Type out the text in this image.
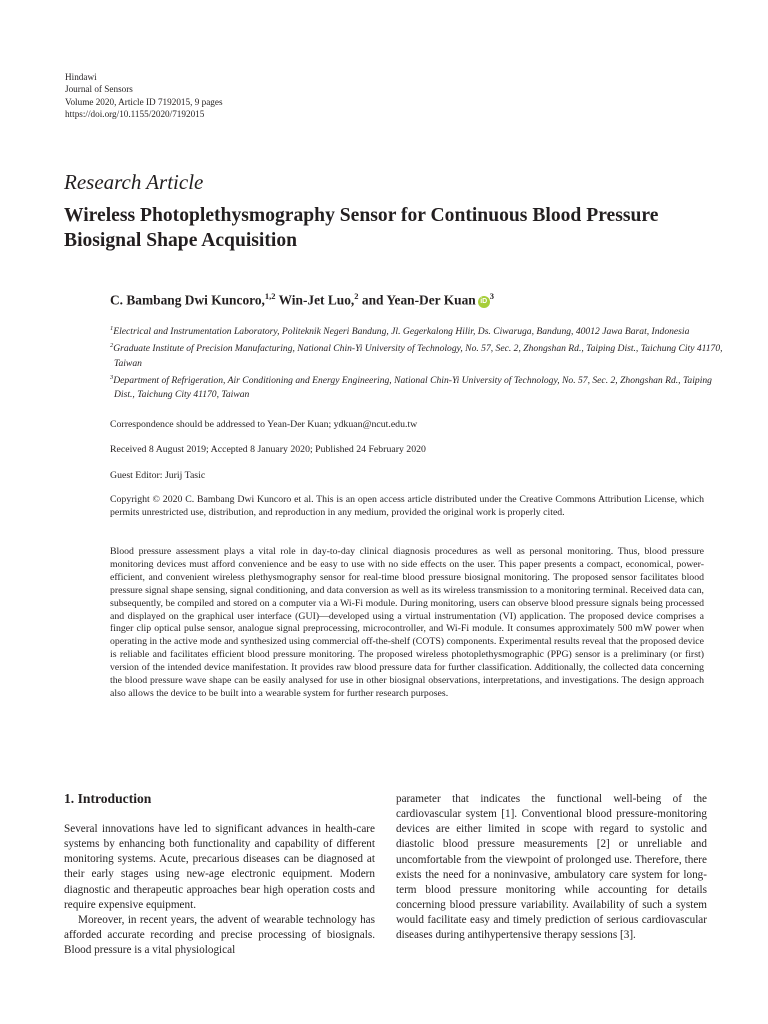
Hindawi
Journal of Sensors
Volume 2020, Article ID 7192015, 9 pages
https://doi.org/10.1155/2020/7192015
Research Article
Wireless Photoplethysmography Sensor for Continuous Blood Pressure Biosignal Shape Acquisition
C. Bambang Dwi Kuncoro,$^{1,2}$ Win-Jet Luo,$^2$ and Yean-Der Kuan $iD^3$
$^1$Electrical and Instrumentation Laboratory, Politeknik Negeri Bandung, Jl. Gegerkalong Hilir, Ds. Ciwaruga, Bandung, 40012 Jawa Barat, Indonesia
$^2$Graduate Institute of Precision Manufacturing, National Chin-Yi University of Technology, No. 57, Sec. 2, Zhongshan Rd., Taiping Dist., Taichung City 41170, Taiwan
$^3$Department of Refrigeration, Air Conditioning and Energy Engineering, National Chin-Yi University of Technology, No. 57, Sec. 2, Zhongshan Rd., Taiping Dist., Taichung City 41170, Taiwan
Correspondence should be addressed to Yean-Der Kuan; ydkuan@ncut.edu.tw
Received 8 August 2019; Accepted 8 January 2020; Published 24 February 2020
Guest Editor: Jurij Tasic
Copyright © 2020 C. Bambang Dwi Kuncoro et al. This is an open access article distributed under the Creative Commons Attribution License, which permits unrestricted use, distribution, and reproduction in any medium, provided the original work is properly cited.
Blood pressure assessment plays a vital role in day-to-day clinical diagnosis procedures as well as personal monitoring. Thus, blood pressure monitoring devices must afford convenience and be easy to use with no side effects on the user. This paper presents a compact, economical, power-efficient, and convenient wireless plethysmography sensor for real-time blood pressure biosignal monitoring. The proposed sensor facilitates blood pressure signal shape sensing, signal conditioning, and data conversion as well as its wireless transmission to a monitoring terminal. Received data can, subsequently, be compiled and stored on a computer via a Wi-Fi module. During monitoring, users can observe blood pressure signals being processed and displayed on the graphical user interface (GUI)—developed using a virtual instrumentation (VI) application. The proposed device comprises a finger clip optical pulse sensor, analogue signal preprocessing, microcontroller, and Wi-Fi module. It consumes approximately 500 mW power when operating in the active mode and synthesized using commercial off-the-shelf (COTS) components. Experimental results reveal that the proposed device is reliable and facilitates efficient blood pressure monitoring. The proposed wireless photoplethysmographic (PPG) sensor is a preliminary (or first) version of the intended device manifestation. It provides raw blood pressure data for further classification. Additionally, the collected data concerning the blood pressure wave shape can be easily analysed for use in other biosignal observations, interpretations, and investigations. The design approach also allows the device to be built into a wearable system for further research purposes.
1. Introduction

Several innovations have led to significant advances in health-care systems by enhancing both functionality and capability of different monitoring systems. Acute, precarious diseases can be diagnosed at their early stages using new-age electronic equipment. Modern diagnostic and therapeutic approaches bear high operation costs and require expensive equipment.

Moreover, in recent years, the advent of wearable technology has afforded accurate recording and precise processing of biosignals. Blood pressure is a vital physiological

parameter that indicates the functional well-being of the cardiovascular system [1]. Conventional blood pressure-monitoring devices are either limited in scope with regard to systolic and diastolic blood pressure measurements [2] or unreliable and uncomfortable from the viewpoint of prolonged use. Therefore, there exists the need for a noninvasive, ambulatory care system for long-term blood pressure monitoring while accounting for details concerning blood pressure variability. Availability of such a system would facilitate easy and timely prediction of serious cardiovascular diseases during antihypertensive therapy sessions [3].
